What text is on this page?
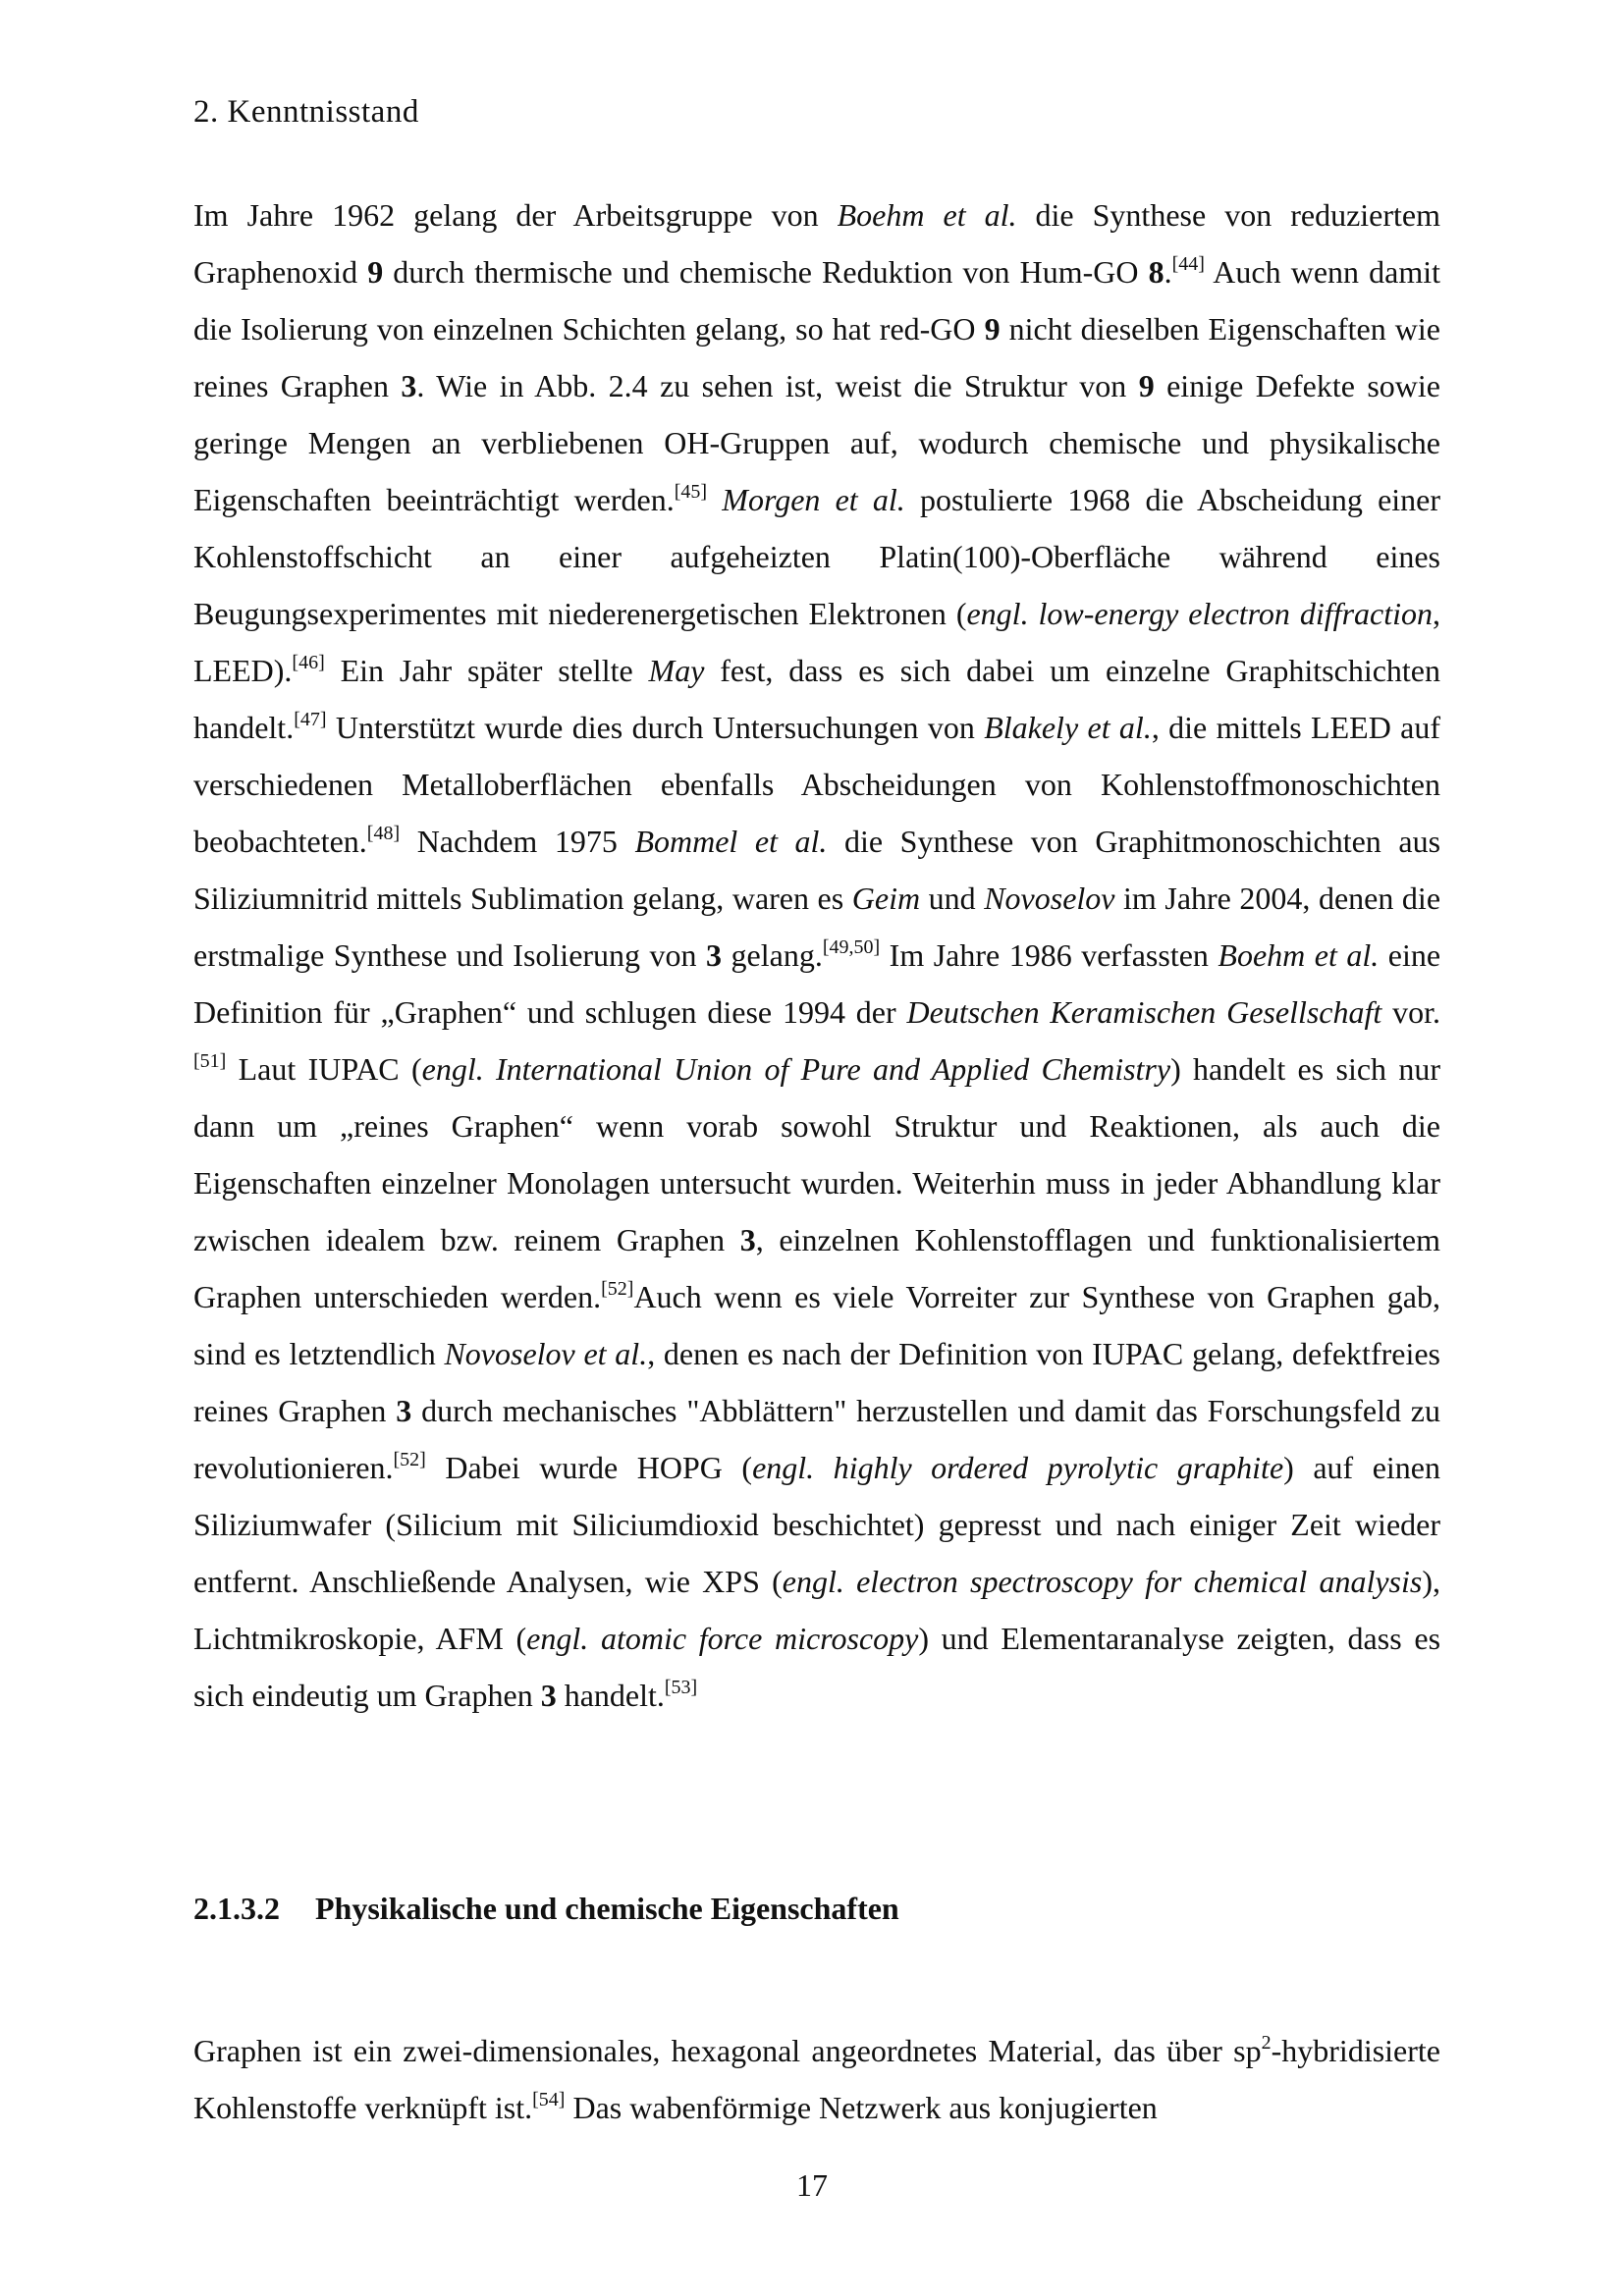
2. Kenntnisstand
Im Jahre 1962 gelang der Arbeitsgruppe von Boehm et al. die Synthese von reduziertem Graphenoxid 9 durch thermische und chemische Reduktion von Hum-GO 8.[44] Auch wenn damit die Isolierung von einzelnen Schichten gelang, so hat red-GO 9 nicht dieselben Eigenschaften wie reines Graphen 3. Wie in Abb. 2.4 zu sehen ist, weist die Struktur von 9 einige Defekte sowie geringe Mengen an verbliebenen OH-Gruppen auf, wodurch chemische und physikalische Eigenschaften beeinträchtigt werden.[45] Morgen et al. postulierte 1968 die Abscheidung einer Kohlenstoffschicht an einer aufgeheizten Platin(100)-Oberfläche während eines Beugungsexperimentes mit niederenergetischen Elektronen (engl. low-energy electron diffraction, LEED).[46] Ein Jahr später stellte May fest, dass es sich dabei um einzelne Graphitschichten handelt.[47] Unterstützt wurde dies durch Untersuchungen von Blakely et al., die mittels LEED auf verschiedenen Metalloberflächen ebenfalls Abscheidungen von Kohlenstoffmonoschichten beobachteten.[48] Nachdem 1975 Bommel et al. die Synthese von Graphitmonoschichten aus Siliziumnitrid mittels Sublimation gelang, waren es Geim und Novoselov im Jahre 2004, denen die erstmalige Synthese und Isolierung von 3 gelang.[49,50] Im Jahre 1986 verfassten Boehm et al. eine Definition für „Graphen“ und schlugen diese 1994 der Deutschen Keramischen Gesellschaft vor.[51] Laut IUPAC (engl. International Union of Pure and Applied Chemistry) handelt es sich nur dann um „reines Graphen“ wenn vorab sowohl Struktur und Reaktionen, als auch die Eigenschaften einzelner Monolagen untersucht wurden. Weiterhin muss in jeder Abhandlung klar zwischen idealem bzw. reinem Graphen 3, einzelnen Kohlenstofflagen und funktionalisiertem Graphen unterschieden werden.[52]Auch wenn es viele Vorreiter zur Synthese von Graphen gab, sind es letztendlich Novoselov et al., denen es nach der Definition von IUPAC gelang, defektfreies reines Graphen 3 durch mechanisches "Abblättern" herzustellen und damit das Forschungsfeld zu revolutionieren.[52] Dabei wurde HOPG (engl. highly ordered pyrolytic graphite) auf einen Siliziumwafer (Silicium mit Siliciumdioxid beschichtet) gepresst und nach einiger Zeit wieder entfernt. Anschließende Analysen, wie XPS (engl. electron spectroscopy for chemical analysis), Lichtmikroskopie, AFM (engl. atomic force microscopy) und Elementaranalyse zeigten, dass es sich eindeutig um Graphen 3 handelt.[53]
2.1.3.2 Physikalische und chemische Eigenschaften
Graphen ist ein zwei-dimensionales, hexagonal angeordnetes Material, das über $sp^2$-hybridisierte Kohlenstoffe verknüpft ist.[54] Das wabenförmige Netzwerk aus konjugierten
17
